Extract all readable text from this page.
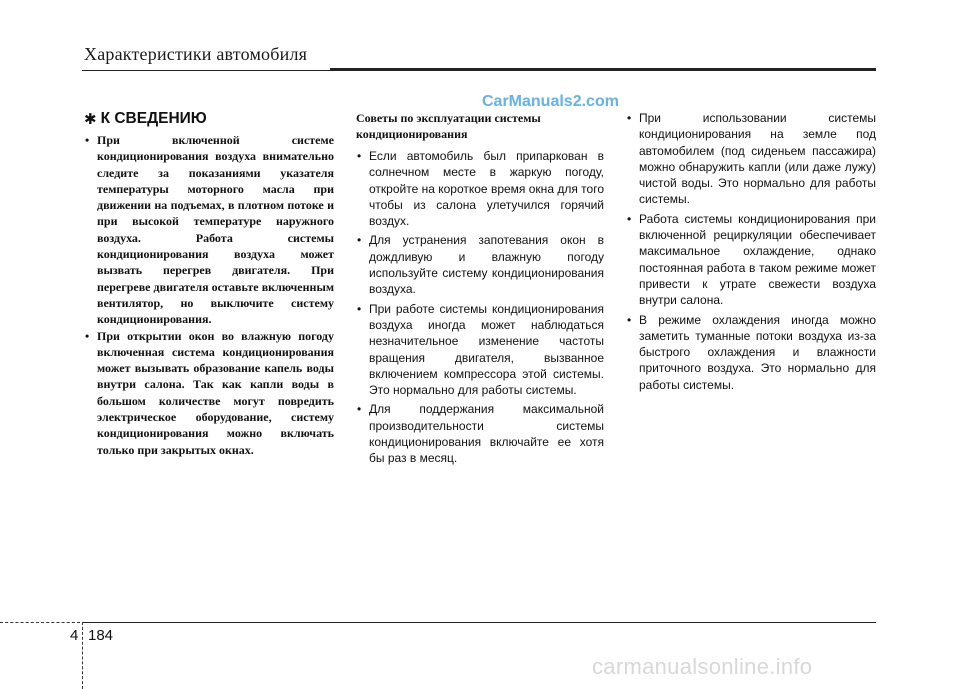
Характеристики автомобиля
CarManuals2.com
✱ К СВЕДЕНИЮ
• При включенной системе кондиционирования воздуха внимательно следите за показаниями указателя температуры моторного масла при движении на подъемах, в плотном потоке и при высокой температуре наружного воздуха. Работа системы кондиционирования воздуха может вызвать перегрев двигателя. При перегреве двигателя оставьте включенным вентилятор, но выключите систему кондиционирования.
• При открытии окон во влажную погоду включенная система кондиционирования может вызывать образование капель воды внутри салона. Так как капли воды в большом количестве могут повредить электрическое оборудование, систему кондиционирования можно включать только при закрытых окнах.
Советы по эксплуатации системы кондиционирования
• Если автомобиль был припаркован в солнечном месте в жаркую погоду, откройте на короткое время окна для того чтобы из салона улетучился горячий воздух.
• Для устранения запотевания окон в дождливую и влажную погоду используйте систему кондиционирования воздуха.
• При работе системы кондиционирования воздуха иногда может наблюдаться незначительное изменение частоты вращения двигателя, вызванное включением компрессора этой системы. Это нормально для работы системы.
• Для поддержания максимальной производительности системы кондиционирования включайте ее хотя бы раз в месяц.
• При использовании системы кондиционирования на земле под автомобилем (под сиденьем пассажира) можно обнаружить капли (или даже лужу) чистой воды. Это нормально для работы системы.
• Работа системы кондиционирования при включенной рециркуляции обеспечивает максимальное охлаждение, однако постоянная работа в таком режиме может привести к утрате свежести воздуха внутри салона.
• В режиме охлаждения иногда можно заметить туманные потоки воздуха из-за быстрого охлаждения и влажности приточного воздуха. Это нормально для работы системы.
4 184
carmanualsonline.info
